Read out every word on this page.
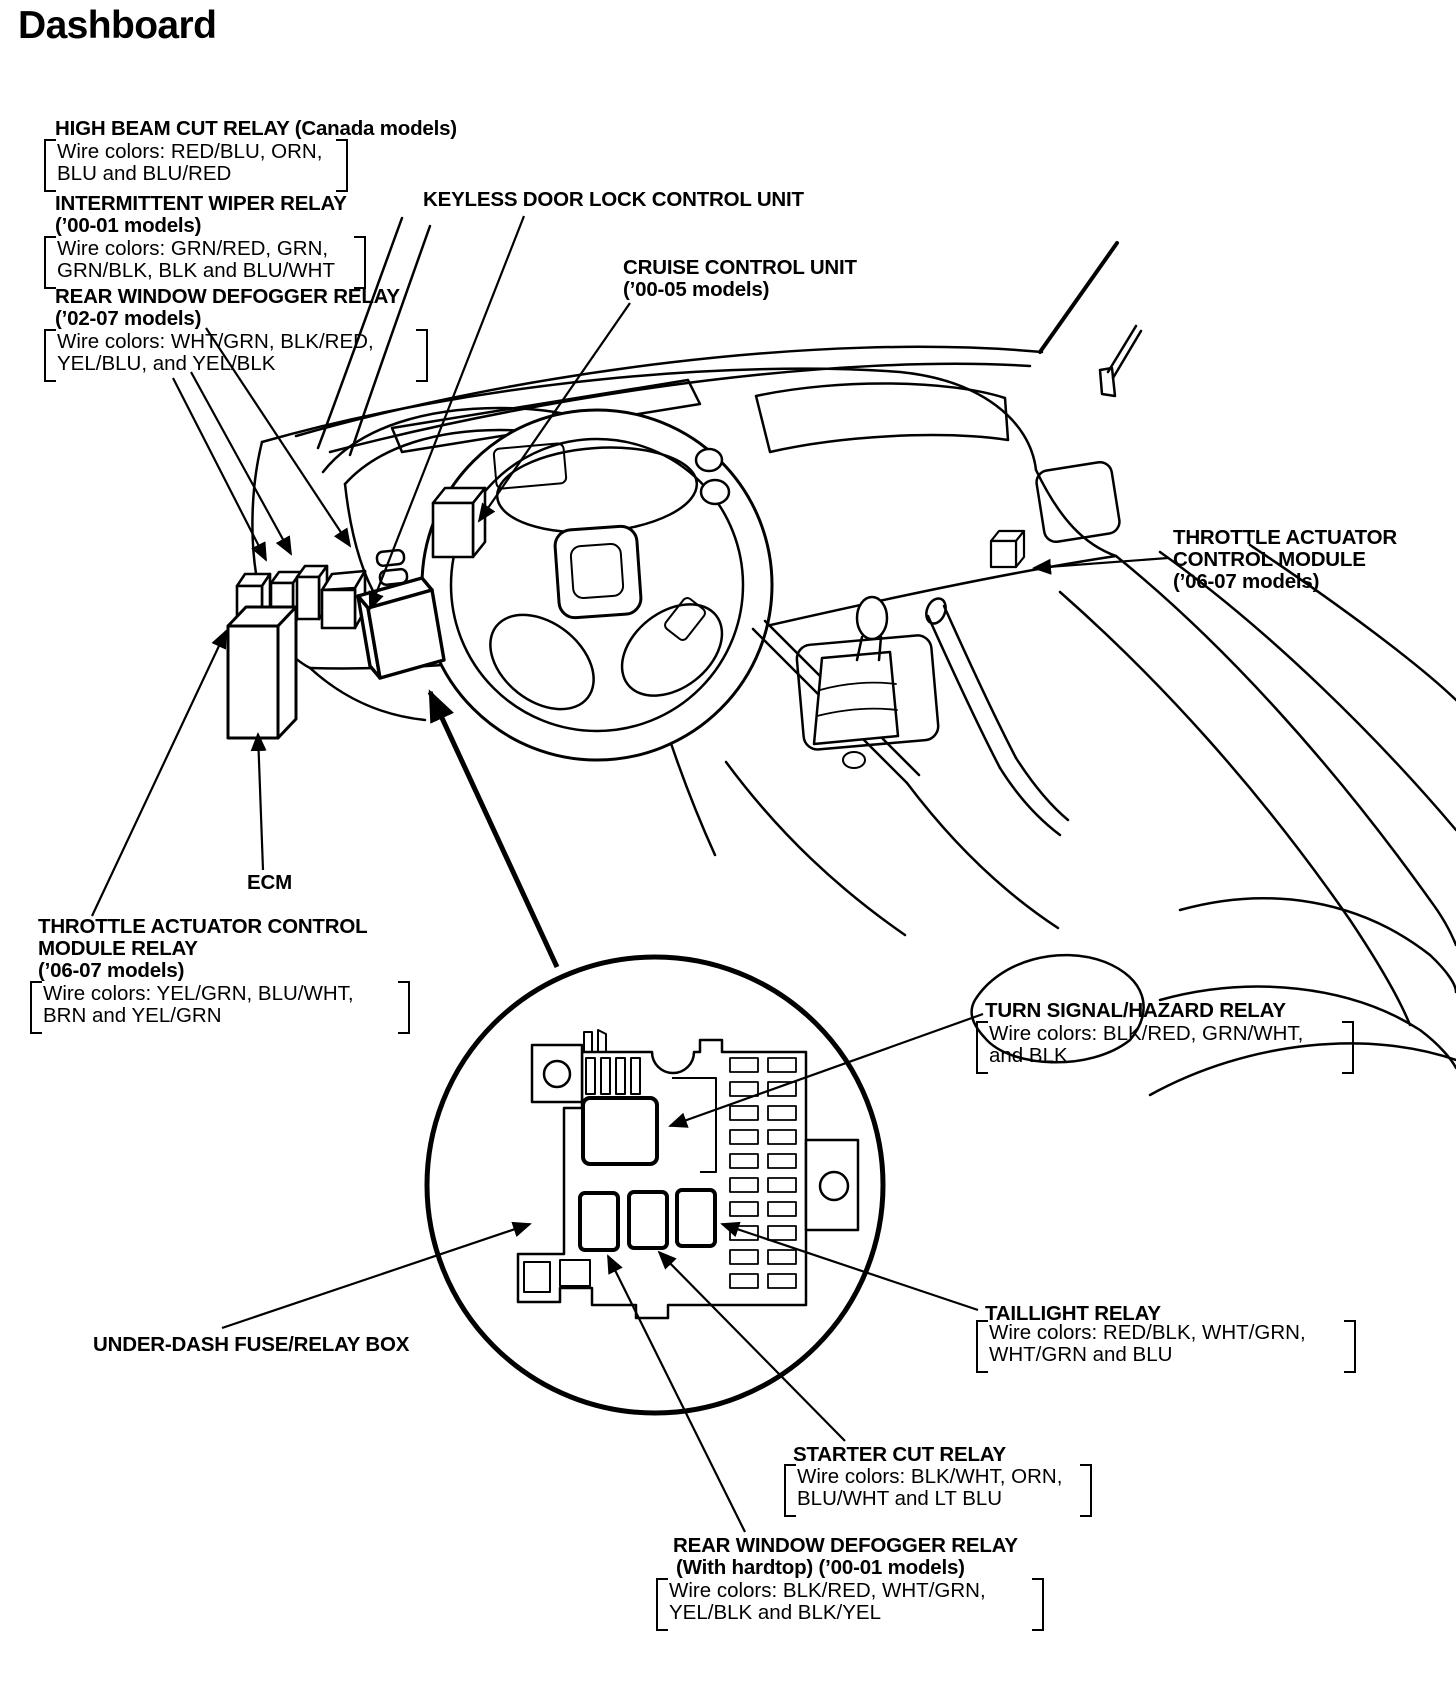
Dashboard
HIGH BEAM CUT RELAY (Canada models)
Wire colors: RED/BLU, ORN,
BLU and BLU/RED
INTERMITTENT WIPER RELAY
(’00-01 models)
Wire colors: GRN/RED, GRN,
GRN/BLK, BLK and BLU/WHT
REAR WINDOW DEFOGGER RELAY
(’02-07 models)
Wire colors: WHT/GRN, BLK/RED,
YEL/BLU, and YEL/BLK
KEYLESS DOOR LOCK CONTROL UNIT
CRUISE CONTROL UNIT
(’00-05 models)
THROTTLE ACTUATOR
CONTROL MODULE
(’06-07 models)
ECM
THROTTLE ACTUATOR CONTROL
MODULE RELAY
(’06-07 models)
Wire colors: YEL/GRN, BLU/WHT,
BRN and YEL/GRN	TURN SIGNAL/HAZARD RELAY
Wire colors: BLK/RED, GRN/WHT,
and BLK
UNDER-DASH FUSE/RELAY BOX
TAILLIGHT RELAY
Wire colors: RED/BLK, WHT/GRN,
WHT/GRN and BLU
STARTER CUT RELAY
Wire colors: BLK/WHT, ORN,
BLU/WHT and LT BLU
REAR WINDOW DEFOGGER RELAY
(With hardtop) (’00-01 models)
Wire colors: BLK/RED, WHT/GRN,
YEL/BLK and BLK/YEL
